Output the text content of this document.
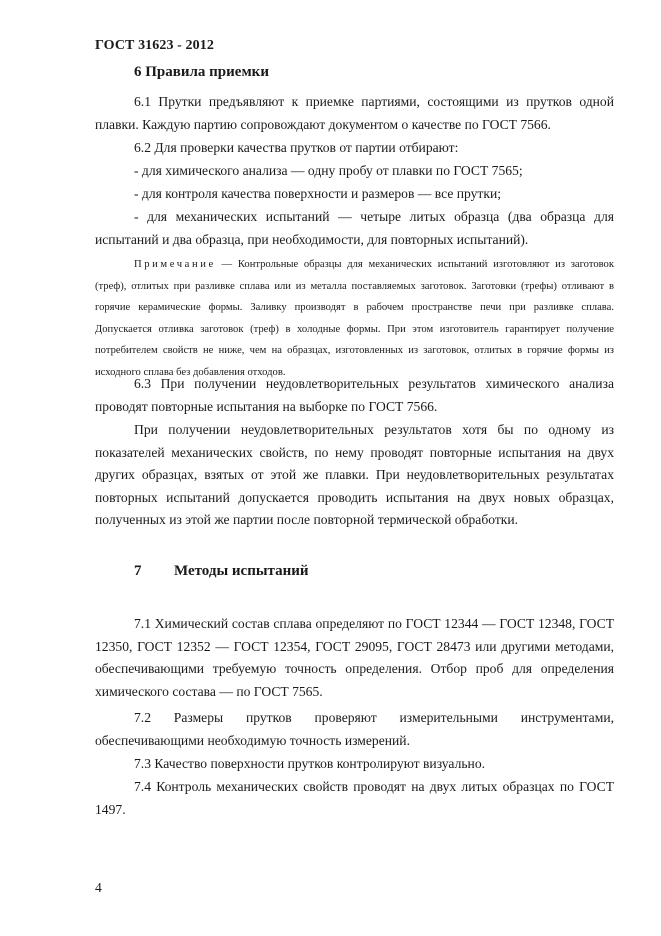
ГОСТ 31623 - 2012
6 Правила приемки
6.1 Прутки предъявляют к приемке партиями, состоящими из прутков одной плавки. Каждую партию сопровождают документом о качестве по ГОСТ 7566.
6.2 Для проверки качества прутков от партии отбирают:
- для химического анализа — одну пробу от плавки по ГОСТ 7565;
- для контроля качества поверхности и размеров — все прутки;
- для механических испытаний — четыре литых образца (два образца для испытаний и два образца, при необходимости, для повторных испытаний).
Примечание — Контрольные образцы для механических испытаний изготовляют из заготовок (треф), отлитых при разливке сплава или из металла поставляемых заготовок. Заготовки (трефы) отливают в горячие керамические формы. Заливку производят в рабочем пространстве печи при разливке сплава. Допускается отливка заготовок (треф) в холодные формы. При этом изготовитель гарантирует получение потребителем свойств не ниже, чем на образцах, изготовленных из заготовок, отлитых в горячие формы из исходного сплава без добавления отходов.
6.3 При получении неудовлетворительных результатов химического анализа проводят повторные испытания на выборке по ГОСТ 7566.
При получении неудовлетворительных результатов хотя бы по одному из показателей механических свойств, по нему проводят повторные испытания на двух других образцах, взятых от этой же плавки. При неудовлетворительных результатах повторных испытаний допускается проводить испытания на двух новых образцах, полученных из этой же партии после повторной термической обработки.
7 Методы испытаний
7.1 Химический состав сплава определяют по ГОСТ 12344 — ГОСТ 12348, ГОСТ 12350, ГОСТ 12352 — ГОСТ 12354, ГОСТ 29095, ГОСТ 28473 или другими методами, обеспечивающими требуемую точность определения. Отбор проб для определения химического состава — по ГОСТ 7565.
7.2 Размеры прутков проверяют измерительными инструментами, обеспечивающими необходимую точность измерений.
7.3 Качество поверхности прутков контролируют визуально.
7.4 Контроль механических свойств проводят на двух литых образцах по ГОСТ 1497.
4
